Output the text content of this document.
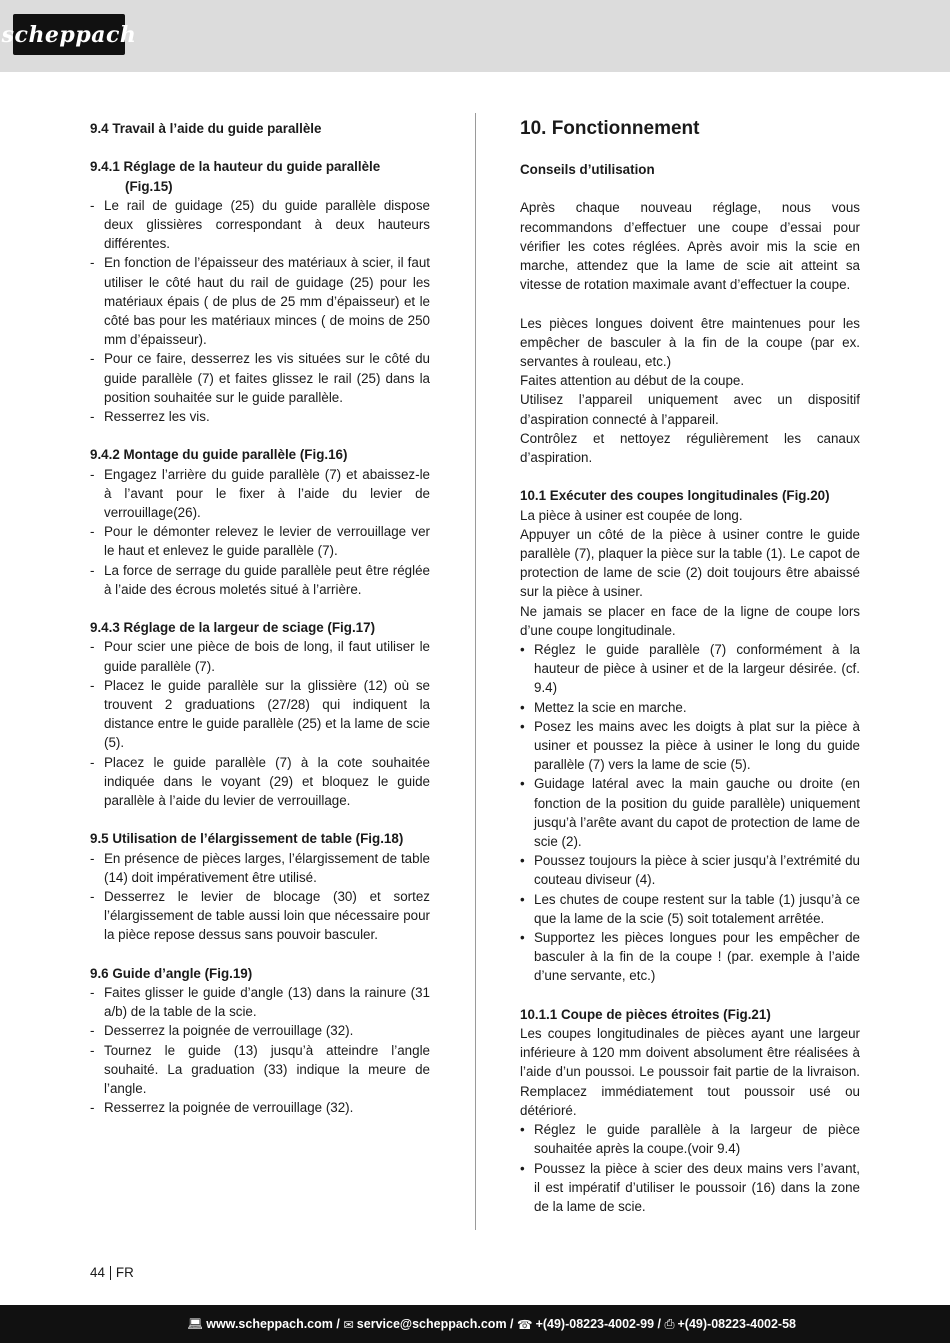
scheppach
9.4 Travail à l’aide du guide parallèle
9.4.1 Réglage de la hauteur du guide parallèle (Fig.15)
- Le rail de guidage (25) du guide parallèle dispose deux glissières correspondant à deux hauteurs différentes.
- En fonction de l’épaisseur des matériaux à scier, il faut utiliser le côté haut du rail de guidage (25) pour les matériaux épais ( de plus de 25 mm d’épaisseur) et le côté bas pour les matériaux minces ( de moins de 250 mm d’épaisseur).
- Pour ce faire, desserrez les vis situées sur le côté du guide parallèle (7) et faites glissez le rail (25) dans la position souhaitée sur le guide parallèle.
- Resserrez les vis.
9.4.2 Montage du guide parallèle (Fig.16)
- Engagez l’arrière du guide parallèle (7) et abaissez-le à l’avant pour le fixer à l’aide du levier de verrouillage(26).
- Pour le démonter relevez le levier de verrouillage ver le haut et enlevez le guide parallèle (7).
- La force de serrage du guide parallèle peut être réglée à l’aide des écrous moletés situé à l’arrière.
9.4.3 Réglage de la largeur de sciage (Fig.17)
- Pour scier une pièce de bois de long, il faut utiliser le guide parallèle (7).
- Placez le guide parallèle sur la glissière (12) où se trouvent 2 graduations (27/28) qui indiquent la distance entre le guide parallèle (25) et la lame de scie (5).
- Placez le guide parallèle (7) à la cote souhaitée indiquée dans le voyant (29) et bloquez le guide parallèle à l’aide du levier de verrouillage.
9.5 Utilisation de l’élargissement de table (Fig.18)
- En présence de pièces larges, l’élargissement de table (14) doit impérativement être utilisé.
- Desserrez le levier de blocage (30) et sortez l’élargissement de table aussi loin que nécessaire pour la pièce repose dessus sans pouvoir basculer.
9.6 Guide d’angle (Fig.19)
- Faites glisser le guide d’angle (13) dans la rainure (31 a/b) de la table de la scie.
- Desserrez la poignée de verrouillage (32).
- Tournez le guide (13) jusqu’à atteindre l’angle souhaité. La graduation (33) indique la meure de l’angle.
- Resserrez la poignée de verrouillage (32).
10. Fonctionnement
Conseils d’utilisation

Après chaque nouveau réglage, nous vous recommandons d’effectuer une coupe d’essai pour vérifier les cotes réglées. Après avoir mis la scie en marche, attendez que la lame de scie ait atteint sa vitesse de rotation maximale avant d’effectuer la coupe.

Les pièces longues doivent être maintenues pour les empêcher de basculer à la fin de la coupe (par ex. servantes à rouleau, etc.)

Faites attention au début de la coupe.

Utilisez l’appareil uniquement avec un dispositif d’aspiration connecté à l’appareil.

Contrôlez et nettoyez régulièrement les canaux d’aspiration.

10.1 Exécuter des coupes longitudinales (Fig.20)

La pièce à usiner est coupée de long.

Appuyer un côté de la pièce à usiner contre le guide parallèle (7), plaquer la pièce sur la table (1). Le capot de protection de lame de scie (2) doit toujours être abaissé sur la pièce à usiner.

Ne jamais se placer en face de la ligne de coupe lors d’une coupe longitudinale.

• Réglez le guide parallèle (7) conformément à la hauteur de pièce à usiner et de la largeur désirée. (cf. 9.4)
• Mettez la scie en marche.
• Posez les mains avec les doigts à plat sur la pièce à usiner et poussez la pièce à usiner le long du guide parallèle (7) vers la lame de scie (5).
• Guidage latéral avec la main gauche ou droite (en fonction de la position du guide parallèle) uniquement jusqu’à l’arête avant du capot de protection de lame de scie (2).
• Poussez toujours la pièce à scier jusqu’à l’extrémité du couteau diviseur (4).
• Les chutes de coupe restent sur la table (1) jusqu’à ce que la lame de la scie (5) soit totalement arrêtée.
• Supportez les pièces longues pour les empêcher de basculer à la fin de la coupe ! (par. exemple à l’aide d’une servante, etc.)
10.1.1 Coupe de pièces étroites (Fig.21)

Les coupes longitudinales de pièces ayant une largeur inférieure à 120 mm doivent absolument être réalisées à l’aide d’un poussoi. Le poussoir fait partie de la livraison. Remplacez immédiatement tout poussoir usé ou détérioré.

• Réglez le guide parallèle à la largeur de pièce souhaitée après la coupe.(voir 9.4)
• Poussez la pièce à scier des deux mains vers l’avant, il est impératif d’utiliser le poussoir (16) dans la zone de la lame de scie.
44 FR
💻︎ www.scheppach.com / ✉︎ service@scheppach.com / ☎︎ +(49)-08223-4002-99 / ⎙ +(49)-08223-4002-58
